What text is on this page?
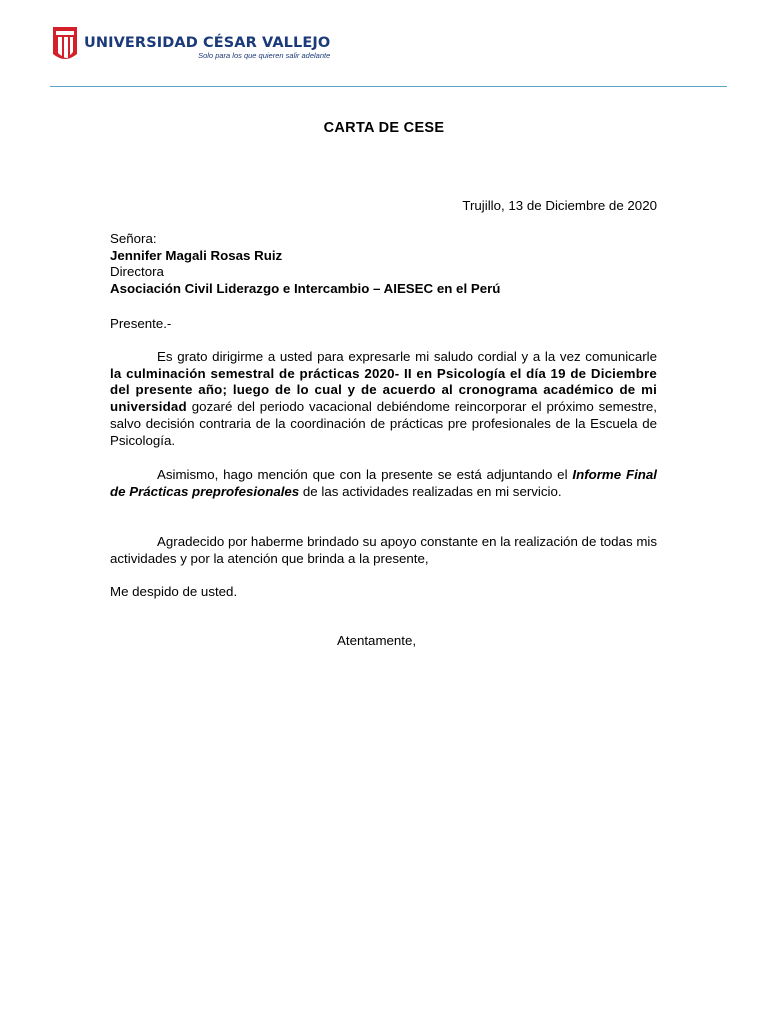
UNIVERSIDAD CÉSAR VALLEJO
Solo para los que quieren salir adelante
CARTA DE CESE
Trujillo, 13 de Diciembre de 2020
Señora:
Jennifer Magali Rosas Ruiz
Directora
Asociación Civil Liderazgo e Intercambio – AIESEC en el Perú
Presente.-
Es grato dirigirme a usted para expresarle mi saludo cordial y a la vez comunicarle la culminación semestral de prácticas 2020- II en Psicología el día 19 de Diciembre del presente año; luego de lo cual y de acuerdo al cronograma académico de mi universidad gozaré del periodo vacacional debiéndome reincorporar el próximo semestre, salvo decisión contraria de la coordinación de prácticas pre profesionales de la Escuela de Psicología.
Asimismo, hago mención que con la presente se está adjuntando el Informe Final de Prácticas preprofesionales de las actividades realizadas en mi servicio.
Agradecido por haberme brindado su apoyo constante en la realización de todas mis actividades y por la atención que brinda a la presente,
Me despido de usted.
Atentamente,
